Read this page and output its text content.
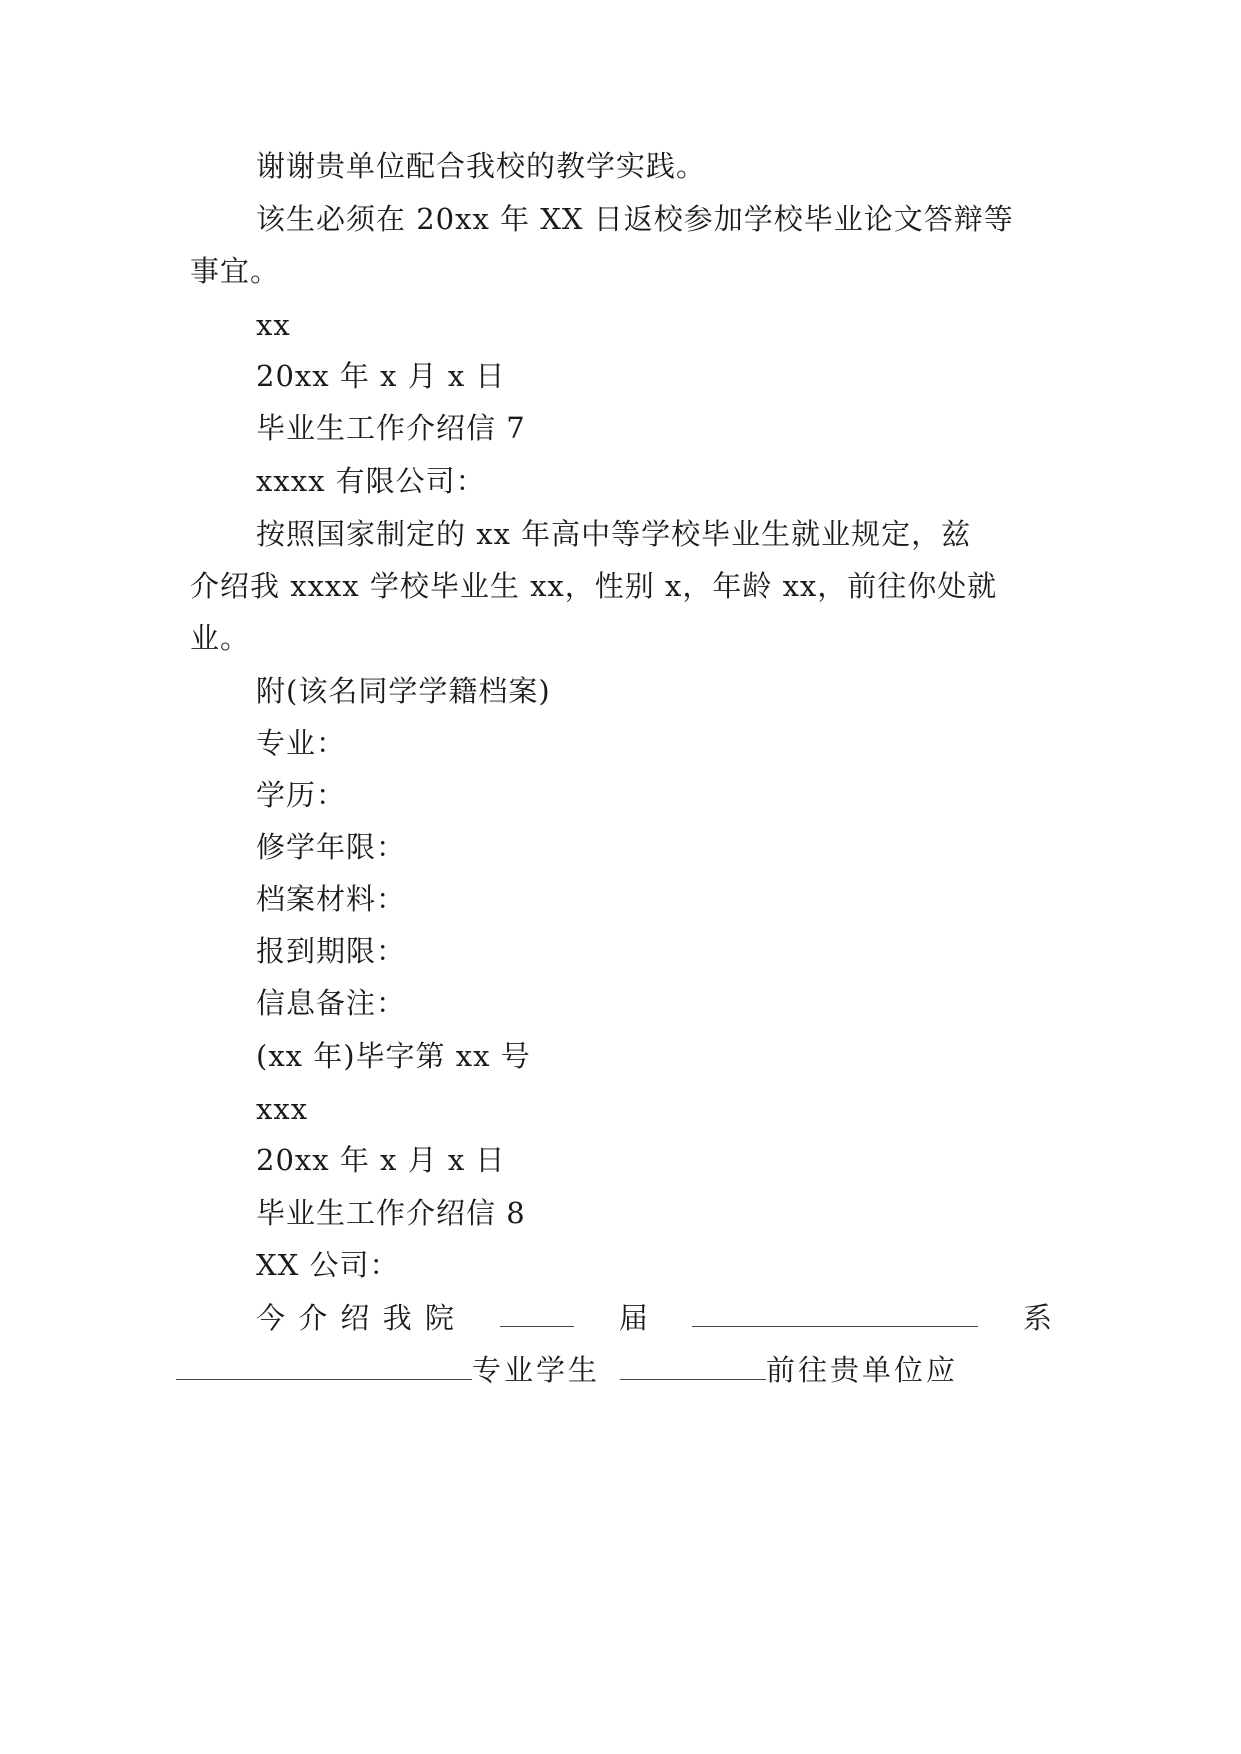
谢谢贵单位配合我校的教学实践。
该生必须在 20xx 年 XX 日返校参加学校毕业论文答辩等
事宜。
xx
20xx 年 x 月 x 日
毕业生工作介绍信 7
xxxx 有限公司：
按照国家制定的 xx 年高中等学校毕业生就业规定，兹
介绍我 xxxx 学校毕业生 xx，性别 x，年龄 xx，前往你处就
业。
附(该名同学学籍档案)
专业：
学历：
修学年限：
档案材料：
报到期限：
信息备注：
(xx 年)毕字第 xx 号
xxx
20xx 年 x 月 x 日
毕业生工作介绍信 8
XX 公司：
今 介 绍 我 院	届	系
专业学生	前往贵单位应
